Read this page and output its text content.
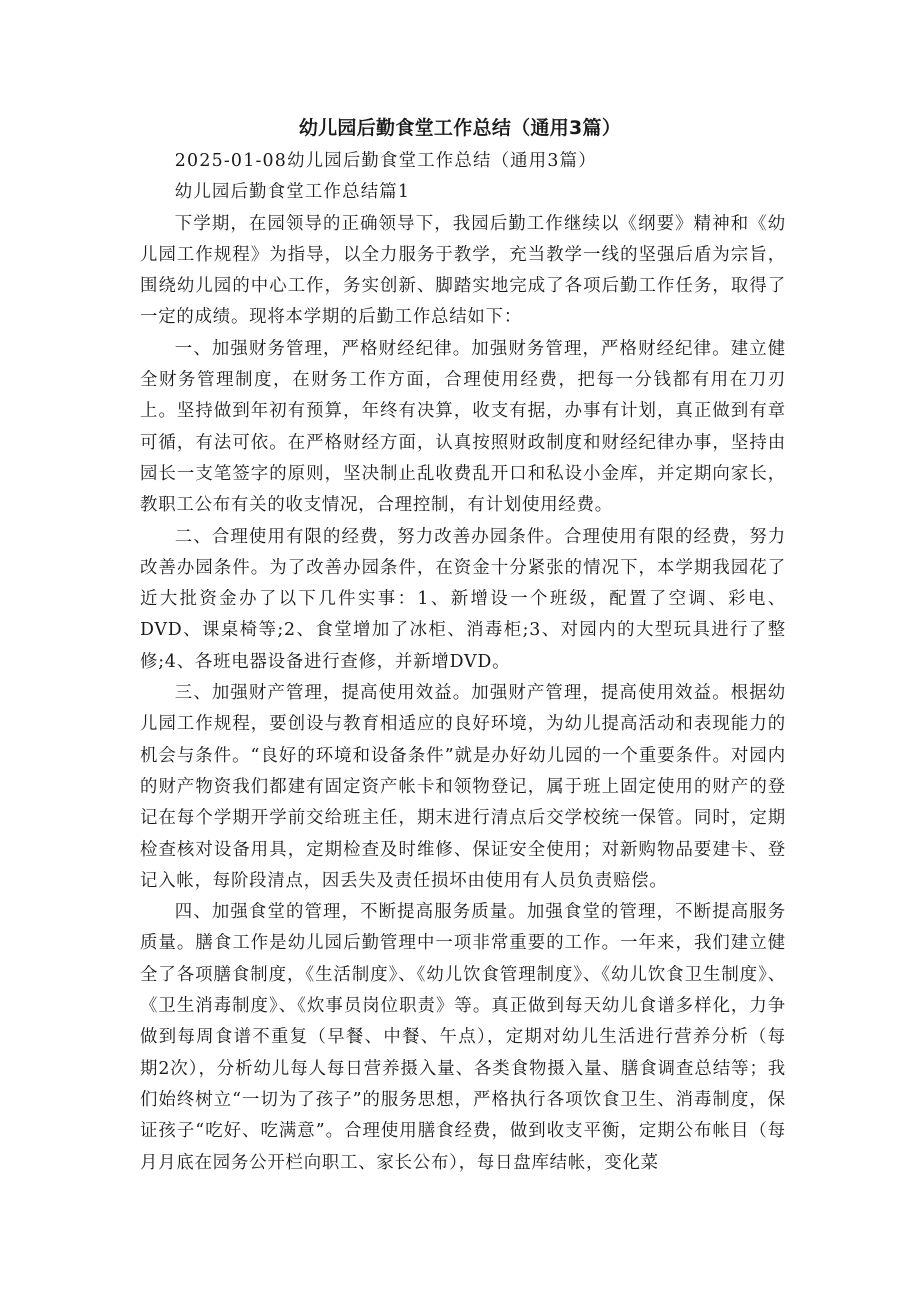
幼儿园后勤食堂工作总结（通用3篇）

2025-01-08幼儿园后勤食堂工作总结（通用3篇）

幼儿园后勤食堂工作总结篇1

下学期，在园领导的正确领导下，我园后勤工作继续以《纲要》精神和《幼儿园工作规程》为指导，以全力服务于教学，充当教学一线的坚强后盾为宗旨，围绕幼儿园的中心工作，务实创新、脚踏实地完成了各项后勤工作任务，取得了一定的成绩。现将本学期的后勤工作总结如下：

一、加强财务管理，严格财经纪律。加强财务管理，严格财经纪律。建立健全财务管理制度，在财务工作方面，合理使用经费，把每一分钱都有用在刀刃上。坚持做到年初有预算，年终有决算，收支有据，办事有计划，真正做到有章可循，有法可依。在严格财经方面，认真按照财政制度和财经纪律办事，坚持由园长一支笔签字的原则，坚决制止乱收费乱开口和私设小金库，并定期向家长，教职工公布有关的收支情况，合理控制，有计划使用经费。

二、合理使用有限的经费，努力改善办园条件。合理使用有限的经费，努力改善办园条件。为了改善办园条件，在资金十分紧张的情况下，本学期我园花了近大批资金办了以下几件实事：1、新增设一个班级，配置了空调、彩电、DVD、课桌椅等;2、食堂增加了冰柜、消毒柜;3、对园内的大型玩具进行了整修;4、各班电器设备进行查修，并新增DVD。

三、加强财产管理，提高使用效益。加强财产管理，提高使用效益。根据幼儿园工作规程，要创设与教育相适应的良好环境，为幼儿提高活动和表现能力的机会与条件。“良好的环境和设备条件”就是办好幼儿园的一个重要条件。对园内的财产物资我们都建有固定资产帐卡和领物登记，属于班上固定使用的财产的登记在每个学期开学前交给班主任，期末进行清点后交学校统一保管。同时，定期检查核对设备用具，定期检查及时维修、保证安全使用；对新购物品要建卡、登记入帐，每阶段清点，因丢失及责任损坏由使用有人员负责赔偿。

四、加强食堂的管理，不断提高服务质量。加强食堂的管理，不断提高服务质量。膳食工作是幼儿园后勤管理中一项非常重要的工作。一年来，我们建立健全了各项膳食制度，《生活制度》、《幼儿饮食管理制度》、《幼儿饮食卫生制度》、《卫生消毒制度》、《炊事员岗位职责》等。真正做到每天幼儿食谱多样化，力争做到每周食谱不重复（早餐、中餐、午点），定期对幼儿生活进行营养分析（每期2次），分析幼儿每人每日营养摄入量、各类食物摄入量、膳食调查总结等；我们始终树立“一切为了孩子”的服务思想，严格执行各项饮食卫生、消毒制度，保证孩子“吃好、吃满意”。合理使用膳食经费，做到收支平衡，定期公布帐目（每月月底在园务公开栏向职工、家长公布），每日盘库结帐，变化菜
